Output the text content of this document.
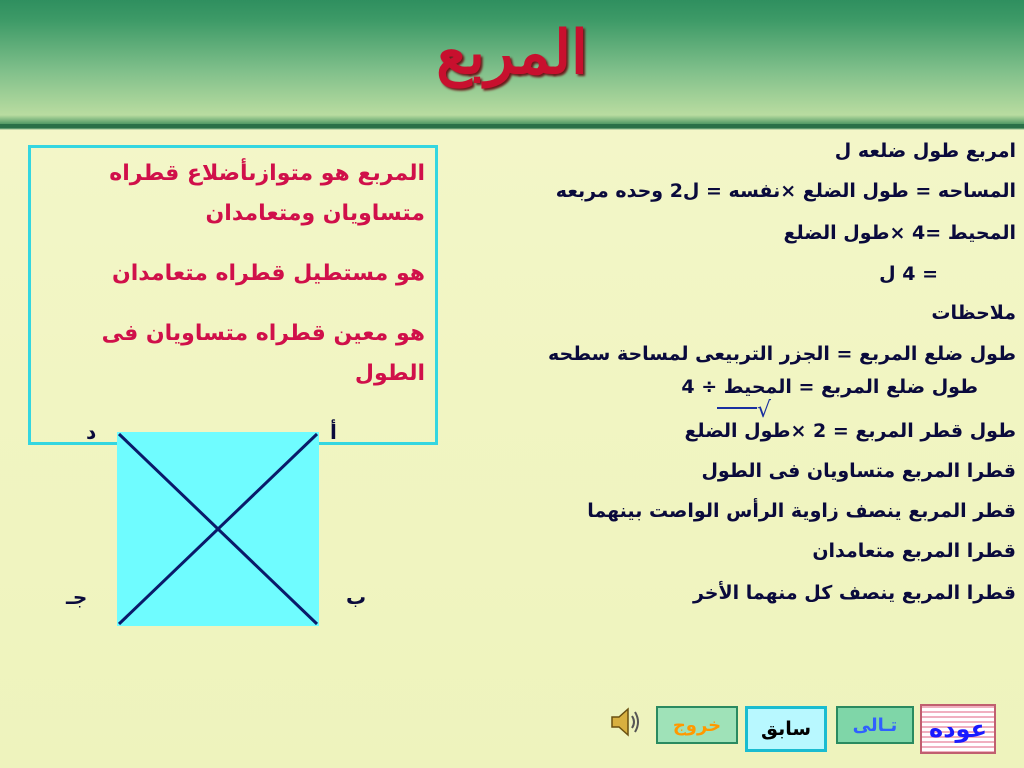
المربع
امربع طول ضلعه ل
المساحه = طول الضلع ×نفسه = ل2 وحده مربعه
المحيط =4 ×طول الضلع
= 4 ل
ملاحظات
طول ضلع المربع = الجزر التربيعى لمساحة سطحه
طول ضلع المربع = المحيط ÷ 4
طول قطر المربع = 2 ×طول الضلع
قطرا المربع متساويان فى الطول
قطر المربع ينصف زاوية الرأس الواصت بينهما
قطرا المربع متعامدان
قطرا المربع ينصف كل منهما الأخر
√

المربع هو متوازىأضلاع قطراه متساويان ومتعامدان

هو مستطيل قطراه متعامدان

هو معين قطراه متساويان فى الطول

أ
د
ب
جـ
خروج	سابق	تـالى	عوده
